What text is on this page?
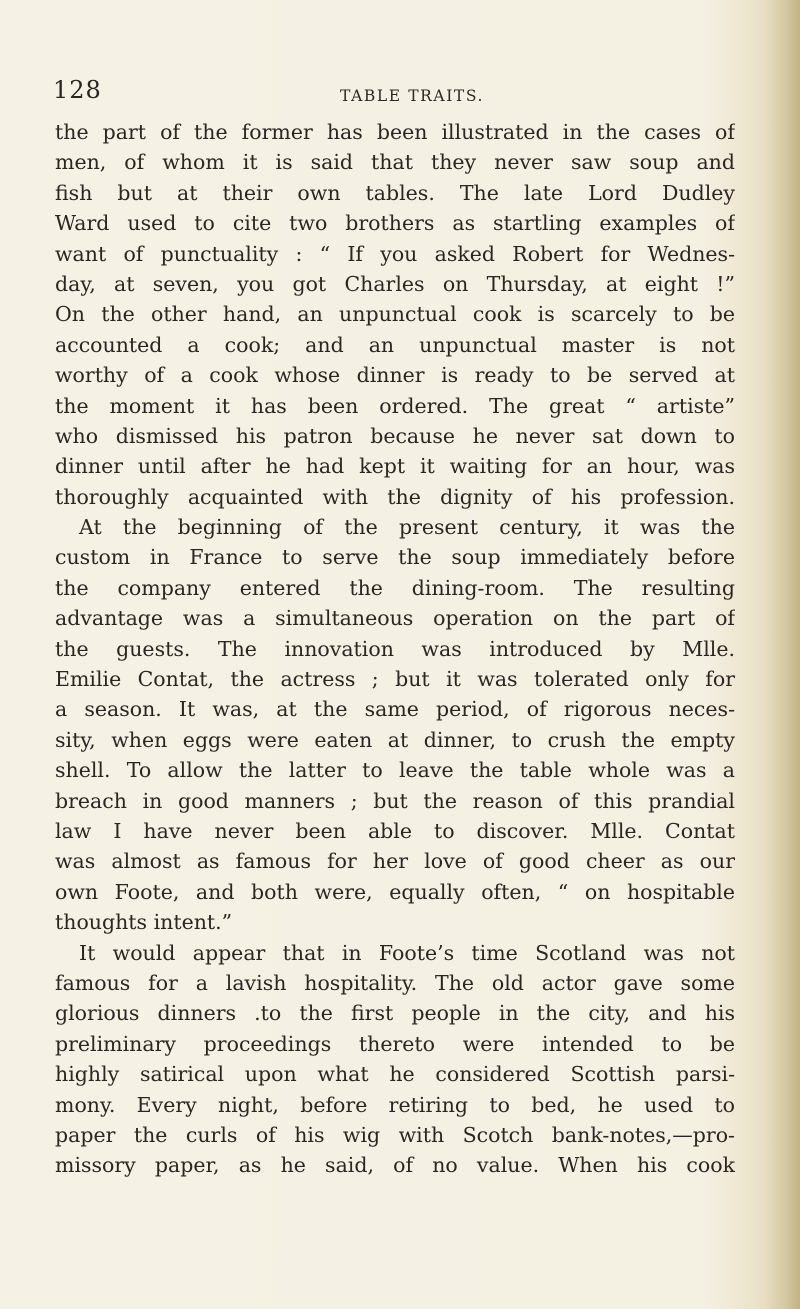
128	TABLE TRAITS.
the part of the former has been illustrated in the cases of
men, of whom it is said that they never saw soup and
fish but at their own tables. The late Lord Dudley
Ward used to cite two brothers as startling examples of
want of punctuality : “ If you asked Robert for Wednes-
day, at seven, you got Charles on Thursday, at eight !”
On the other hand, an unpunctual cook is scarcely to be
accounted a cook; and an unpunctual master is not
worthy of a cook whose dinner is ready to be served at
the moment it has been ordered. The great “ artiste”
who dismissed his patron because he never sat down to
dinner until after he had kept it waiting for an hour, was
thoroughly acquainted with the dignity of his profession.
At the beginning of the present century, it was the
custom in France to serve the soup immediately before
the company entered the dining-room. The resulting
advantage was a simultaneous operation on the part of
the guests. The innovation was introduced by Mlle.
Emilie Contat, the actress ; but it was tolerated only for
a season. It was, at the same period, of rigorous neces-
sity, when eggs were eaten at dinner, to crush the empty
shell. To allow the latter to leave the table whole was a
breach in good manners ; but the reason of this prandial
law I have never been able to discover. Mlle. Contat
was almost as famous for her love of good cheer as our
own Foote, and both were, equally often, “ on hospitable
thoughts intent.”
It would appear that in Foote’s time Scotland was not
famous for a lavish hospitality. The old actor gave some
glorious dinners .to the first people in the city, and his
preliminary proceedings thereto were intended to be
highly satirical upon what he considered Scottish parsi-
mony. Every night, before retiring to bed, he used to
paper the curls of his wig with Scotch bank-notes,—pro-
missory paper, as he said, of no value. When his cook
